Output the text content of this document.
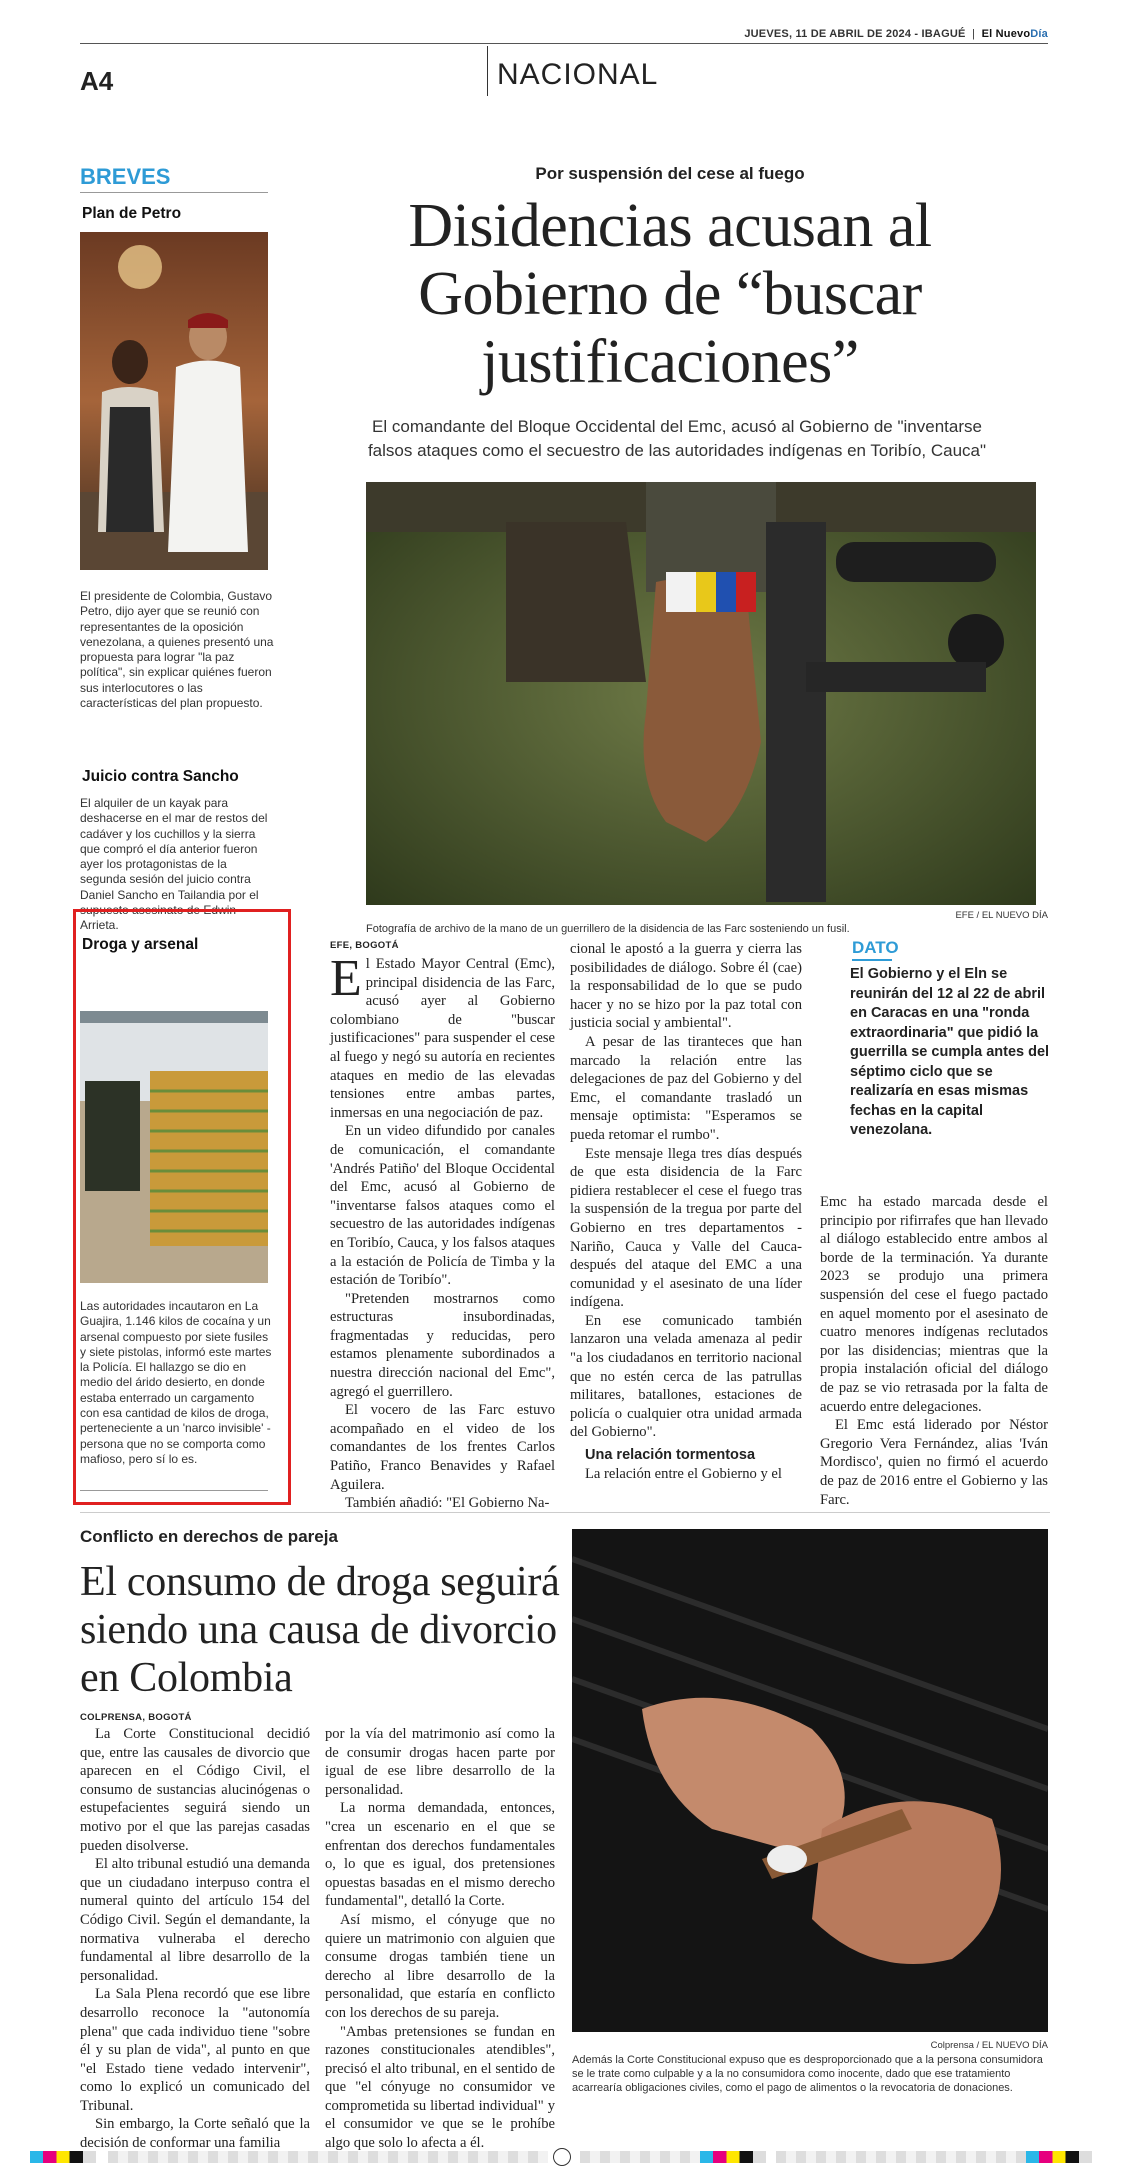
JUEVES, 11 DE ABRIL DE 2024 - IBAGUÉ  |  El NuevoDía
A4	NACIONAL
BREVES
Plan de Petro
El presidente de Colombia, Gustavo Petro, dijo ayer que se reunió con representantes de la oposición venezolana, a quienes presentó una propuesta para lograr "la paz política", sin explicar quiénes fueron sus interlocutores o las características del plan propuesto.
Juicio contra Sancho
El alquiler de un kayak para deshacerse en el mar de restos del cadáver y los cuchillos y la sierra que compró el día anterior fueron ayer los protagonistas de la segunda sesión del juicio contra Daniel Sancho en Tailandia por el supuesto asesinato de Edwin Arrieta.
Droga y arsenal
Las autoridades incautaron en La Guajira, 1.146 kilos de cocaína y un arsenal compuesto por siete fusiles y siete pistolas, informó este martes la Policía. El hallazgo se dio en medio del árido desierto, en donde estaba enterrado un cargamento con esa cantidad de kilos de droga, perteneciente a un 'narco invisible' -persona que no se comporta como mafioso, pero sí lo es.
Por suspensión del cese al fuego
Disidencias acusan al Gobierno de “buscar justificaciones”
El comandante del Bloque Occidental del Emc, acusó al Gobierno de "inventarse falsos ataques como el secuestro de las autoridades indígenas en Toribío, Cauca"
Fotografía de archivo de la mano de un guerrillero de la disidencia de las Farc sosteniendo un fusil.
EFE / EL NUEVO DÍA
EFE, BOGOTÁ

El Estado Mayor Central (Emc), principal disidencia de las Farc, acusó ayer al Gobierno colombiano de "buscar justificaciones" para suspender el cese al fuego y negó su autoría en recientes ataques en medio de las elevadas tensiones entre ambas partes, inmersas en una negociación de paz.

En un video difundido por canales de comunicación, el comandante 'Andrés Patiño' del Bloque Occidental del Emc, acusó al Gobierno de "inventarse falsos ataques como el secuestro de las autoridades indígenas en Toribío, Cauca, y los falsos ataques a la estación de Policía de Timba y la estación de Toribío".

"Pretenden mostrarnos como estructuras insubordinadas, fragmentadas y reducidas, pero estamos plenamente subordinados a nuestra dirección nacional del Emc", agregó el guerrillero.

El vocero de las Farc estuvo acompañado en el video de los comandantes de los frentes Carlos Patiño, Franco Benavides y Rafael Aguilera.

También añadió: "El Gobierno Na-

cional le apostó a la guerra y cierra las posibilidades de diálogo. Sobre él (cae) la responsabilidad de lo que se pudo hacer y no se hizo por la paz total con justicia social y ambiental".

A pesar de las tiranteces que han marcado la relación entre las delegaciones de paz del Gobierno y del Emc, el comandante trasladó un mensaje optimista: "Esperamos se pueda retomar el rumbo".

Este mensaje llega tres días después de que esta disidencia de la Farc pidiera restablecer el cese el fuego tras la suspensión de la tregua por parte del Gobierno en tres departamentos -Nariño, Cauca y Valle del Cauca- después del ataque del EMC a una comunidad y el asesinato de una líder indígena.

En ese comunicado también lanzaron una velada amenaza al pedir "a los ciudadanos en territorio nacional que no estén cerca de las patrullas militares, batallones, estaciones de policía o cualquier otra unidad armada del Gobierno".

Una relación tormentosa

La relación entre el Gobierno y el

DATO
El Gobierno y el Eln se reunirán del 12 al 22 de abril en Caracas en una "ronda extraordinaria" que pidió la guerrilla se cumpla antes del séptimo ciclo que se realizaría en esas mismas fechas en la capital venezolana.

Emc ha estado marcada desde el principio por rifirrafes que han llevado al diálogo establecido entre ambos al borde de la terminación. Ya durante 2023 se produjo una primera suspensión del cese el fuego pactado en aquel momento por el asesinato de cuatro menores indígenas reclutados por las disidencias; mientras que la propia instalación oficial del diálogo de paz se vio retrasada por la falta de acuerdo entre delegaciones.

El Emc está liderado por Néstor Gregorio Vera Fernández, alias 'Iván Mordisco', quien no firmó el acuerdo de paz de 2016 entre el Gobierno y las Farc.

Conflicto en derechos de pareja
El consumo de droga seguirá siendo una causa de divorcio en Colombia
COLPRENSA, BOGOTÁ

La Corte Constitucional decidió que, entre las causales de divorcio que aparecen en el Código Civil, el consumo de sustancias alucinógenas o estupefacientes seguirá siendo un motivo por el que las parejas casadas pueden disolverse.

El alto tribunal estudió una demanda que un ciudadano interpuso contra el numeral quinto del artículo 154 del Código Civil. Según el demandante, la normativa vulneraba el derecho fundamental al libre desarrollo de la personalidad.

La Sala Plena recordó que ese libre desarrollo reconoce la "autonomía plena" que cada individuo tiene "sobre él y su plan de vida", al punto en que "el Estado tiene vedado intervenir", como lo explicó un comunicado del Tribunal.

Sin embargo, la Corte señaló que la decisión de conformar una familia

por la vía del matrimonio así como la de consumir drogas hacen parte por igual de ese libre desarrollo de la personalidad.

La norma demandada, entonces, "crea un escenario en el que se enfrentan dos derechos fundamentales o, lo que es igual, dos pretensiones opuestas basadas en el mismo derecho fundamental", detalló la Corte.

Así mismo, el cónyuge que no quiere un matrimonio con alguien que consume drogas también tiene un derecho al libre desarrollo de la personalidad, que estaría en conflicto con los derechos de su pareja.

"Ambas pretensiones se fundan en razones constitucionales atendibles", precisó el alto tribunal, en el sentido de que "el cónyuge no consumidor ve comprometida su libertad individual" y el consumidor ve que se le prohíbe algo que solo lo afecta a él.

Colprensa / EL NUEVO DÍA
Además la Corte Constitucional expuso que es desproporcionado que a la persona consumidora se le trate como culpable y a la no consumidora como inocente, dado que ese tratamiento acarrearía obligaciones civiles, como el pago de alimentos o la revocatoria de donaciones.
